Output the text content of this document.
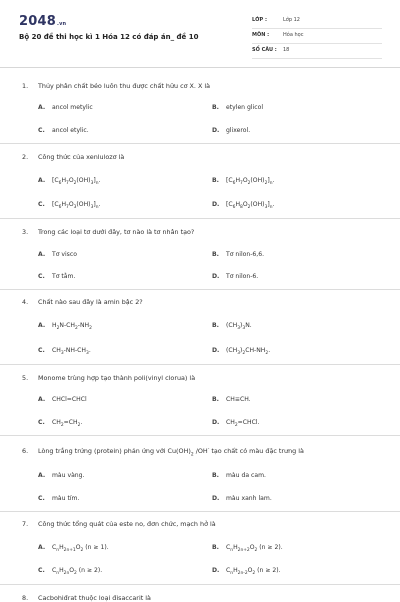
2048.vn
Bộ 20 đề thi học kì 1 Hóa 12 có đáp án_ đề 10
LỚP :	Lớp 12
MÔN :	Hóa học
SỐ CÂU : 18
1. Thủy phân chất béo luôn thu được chất hữu cơ X. X là
A. ancol metylic	B. etylen glicol
C. ancol etylic.	D. glixerol.
2. Công thức của xenlulozơ là
A. $[C_6H_7O_2(OH)_3]_n$.	B. $[C_6H_7O_2(OH)_2]_n$.
C. $[C_6H_7O_3(OH)_3]_n$.	D. $[C_6H_8O_2(OH)_3]_n$.
3. Trong các loại tơ dưới đây, tơ nào là tơ nhân tạo?
A. Tơ visco	B. Tơ nilon-6,6.
C. Tơ tằm.	D. Tơ nilon-6.
4. Chất nào sau đây là amin bậc 2?
A. $H_2N-CH_2-NH_2$	B. $(CH_3)_3N$.
C. $CH_3-NH-CH_3$.	D. $(CH_3)_2CH-NH_2$.
5. Monome trùng hợp tạo thành poli(vinyl clorua) là
A. CHCl=CHCl	B. CH≡CH.
C. $CH_2=CH_2$.	D. $CH_2=CHCl$.
6. Lòng trắng trứng (protein) phản ứng với $Cu(OH)_2$ /OH- tạo chất có màu đặc trưng là
A. màu vàng.	B. màu da cam.
C. màu tím.	D. màu xanh lam.
7. Công thức tổng quát của este no, đơn chức, mạch hở là
A. $C_nH_{2n+1}O_2$ (n ≥ 1).	B. $C_nH_{2n+2}O_2$ (n ≥ 2).
C. $C_nH_{2n}O_2$ (n ≥ 2).	D. $C_nH_{2n-2}O_2$ (n ≥ 2).
8. Cacbohiđrat thuộc loại đisaccarit là
